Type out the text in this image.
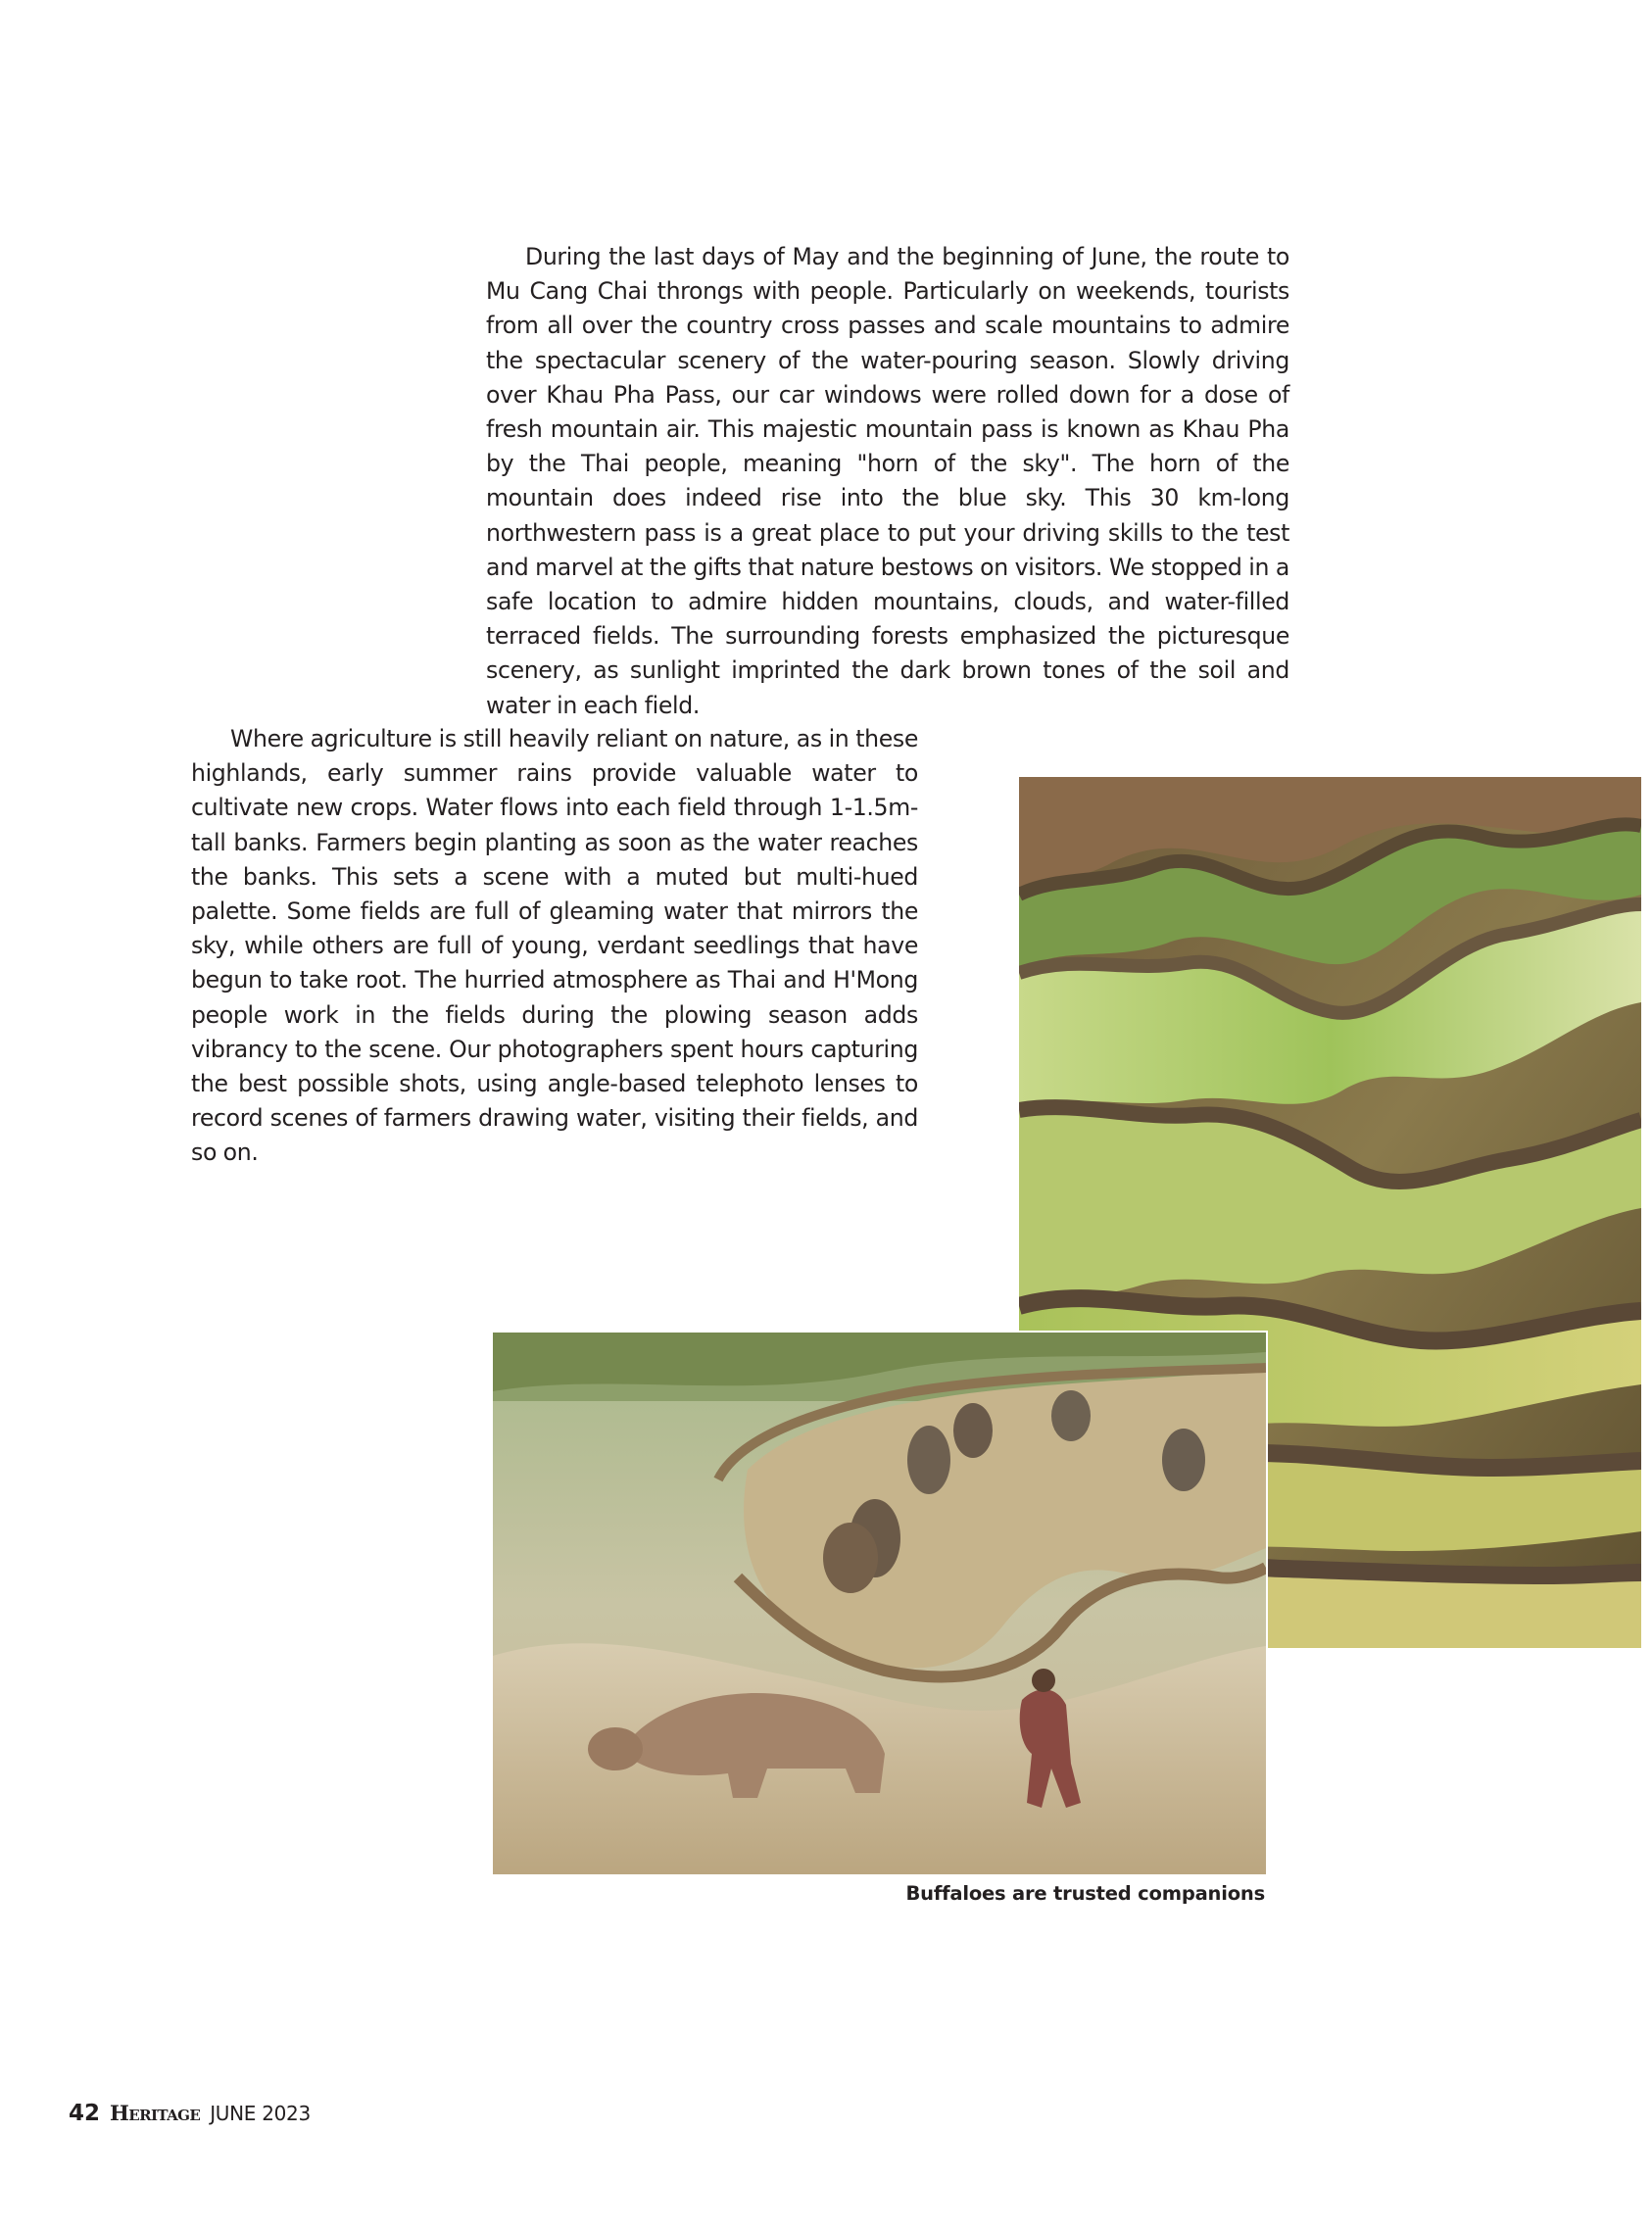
During the last days of May and the beginning of June, the route to Mu Cang Chai throngs with people. Particularly on weekends, tourists from all over the country cross passes and scale mountains to admire the spectacular scenery of the water-pouring season. Slowly driving over Khau Pha Pass, our car windows were rolled down for a dose of fresh mountain air. This majestic mountain pass is known as Khau Pha by the Thai people, meaning "horn of the sky". The horn of the mountain does indeed rise into the blue sky. This 30 km-long northwestern pass is a great place to put your driving skills to the test and marvel at the gifts that nature bestows on visitors. We stopped in a safe location to admire hidden mountains, clouds, and water-filled terraced fields. The surrounding forests emphasized the picturesque scenery, as sunlight imprinted the dark brown tones of the soil and water in each field.

Where agriculture is still heavily reliant on nature, as in these highlands, early summer rains provide valuable water to cultivate new crops. Water flows into each field through 1-1.5m-tall banks. Farmers begin planting as soon as the water reaches the banks. This sets a scene with a muted but multi-hued palette. Some fields are full of gleaming water that mirrors the sky, while others are full of young, verdant seedlings that have begun to take root. The hurried atmosphere as Thai and H'Mong people work in the fields during the plowing season adds vibrancy to the scene. Our photographers spent hours capturing the best possible shots, using angle-based telephoto lenses to record scenes of farmers drawing water, visiting their fields, and so on.

Buffaloes are trusted companions
42 Heritage JUNE 2023
